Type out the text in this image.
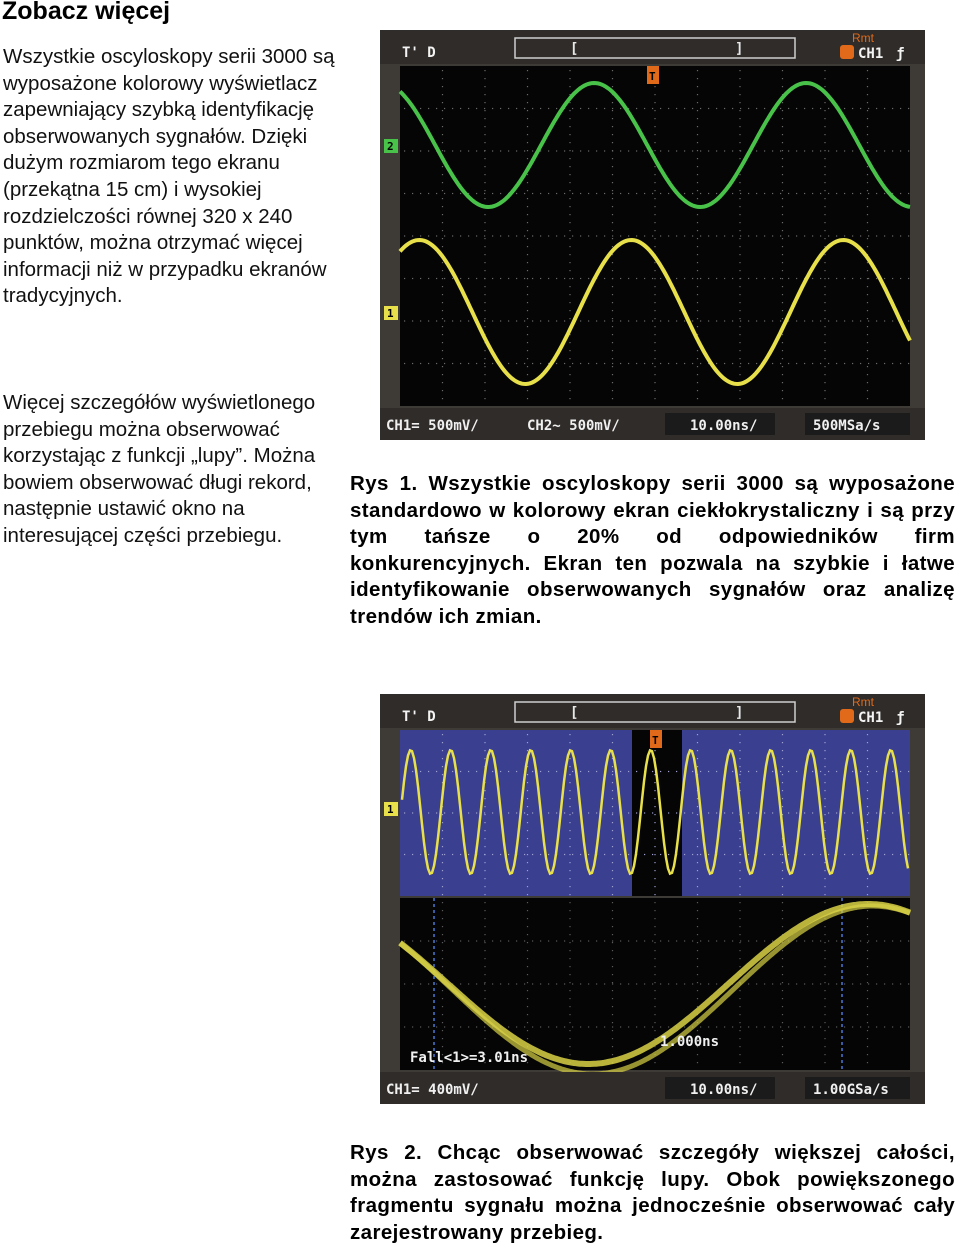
Zobacz więcej

Wszystkie oscyloskopy serii 3000 są wyposażone kolorowy wyświetlacz zapewniający szybką identyfikację obserwowanych sygnałów. Dzięki dużym rozmiarom tego ekranu (przekątna 15 cm) i wysokiej rozdzielczości równej 320 x 240 punktów, można otrzymać więcej informacji niż w przypadku ekranów tradycyjnych.

Więcej szczegółów wyświetlonego przebiegu można obserwować korzystając z funkcji „lupy”. Można bowiem obserwować długi rekord, następnie ustawić okno na interesującej części przebiegu.

T' D	[	]
Rmt
CH1 ƒ
T
2
1
CH1= 500mV/	CH2~ 500mV/	10.00ns/	500MSa/s

Rys 1. Wszystkie oscyloskopy serii 3000 są wyposażone standardowo w kolorowy ekran ciekłokrystaliczny i są przy tym tańsze o 20% od odpowiedników firm konkurencyjnych. Ekran ten pozwala na szybkie i łatwe identyfikowanie obserwowanych sygnałów oraz analizę trendów ich zmian.

T' D	[	]
Rmt
CH1 ƒ
Fall<1>=3.01ns
1.000ns
T
1
CH1= 400mV/	10.00ns/	1.00GSa/s

Rys 2. Chcąc obserwować szczegóły większej całości, można zastosować funkcję lupy. Obok powiększonego fragmentu sygnału można jednocześnie obserwować cały zarejestrowany przebieg.
